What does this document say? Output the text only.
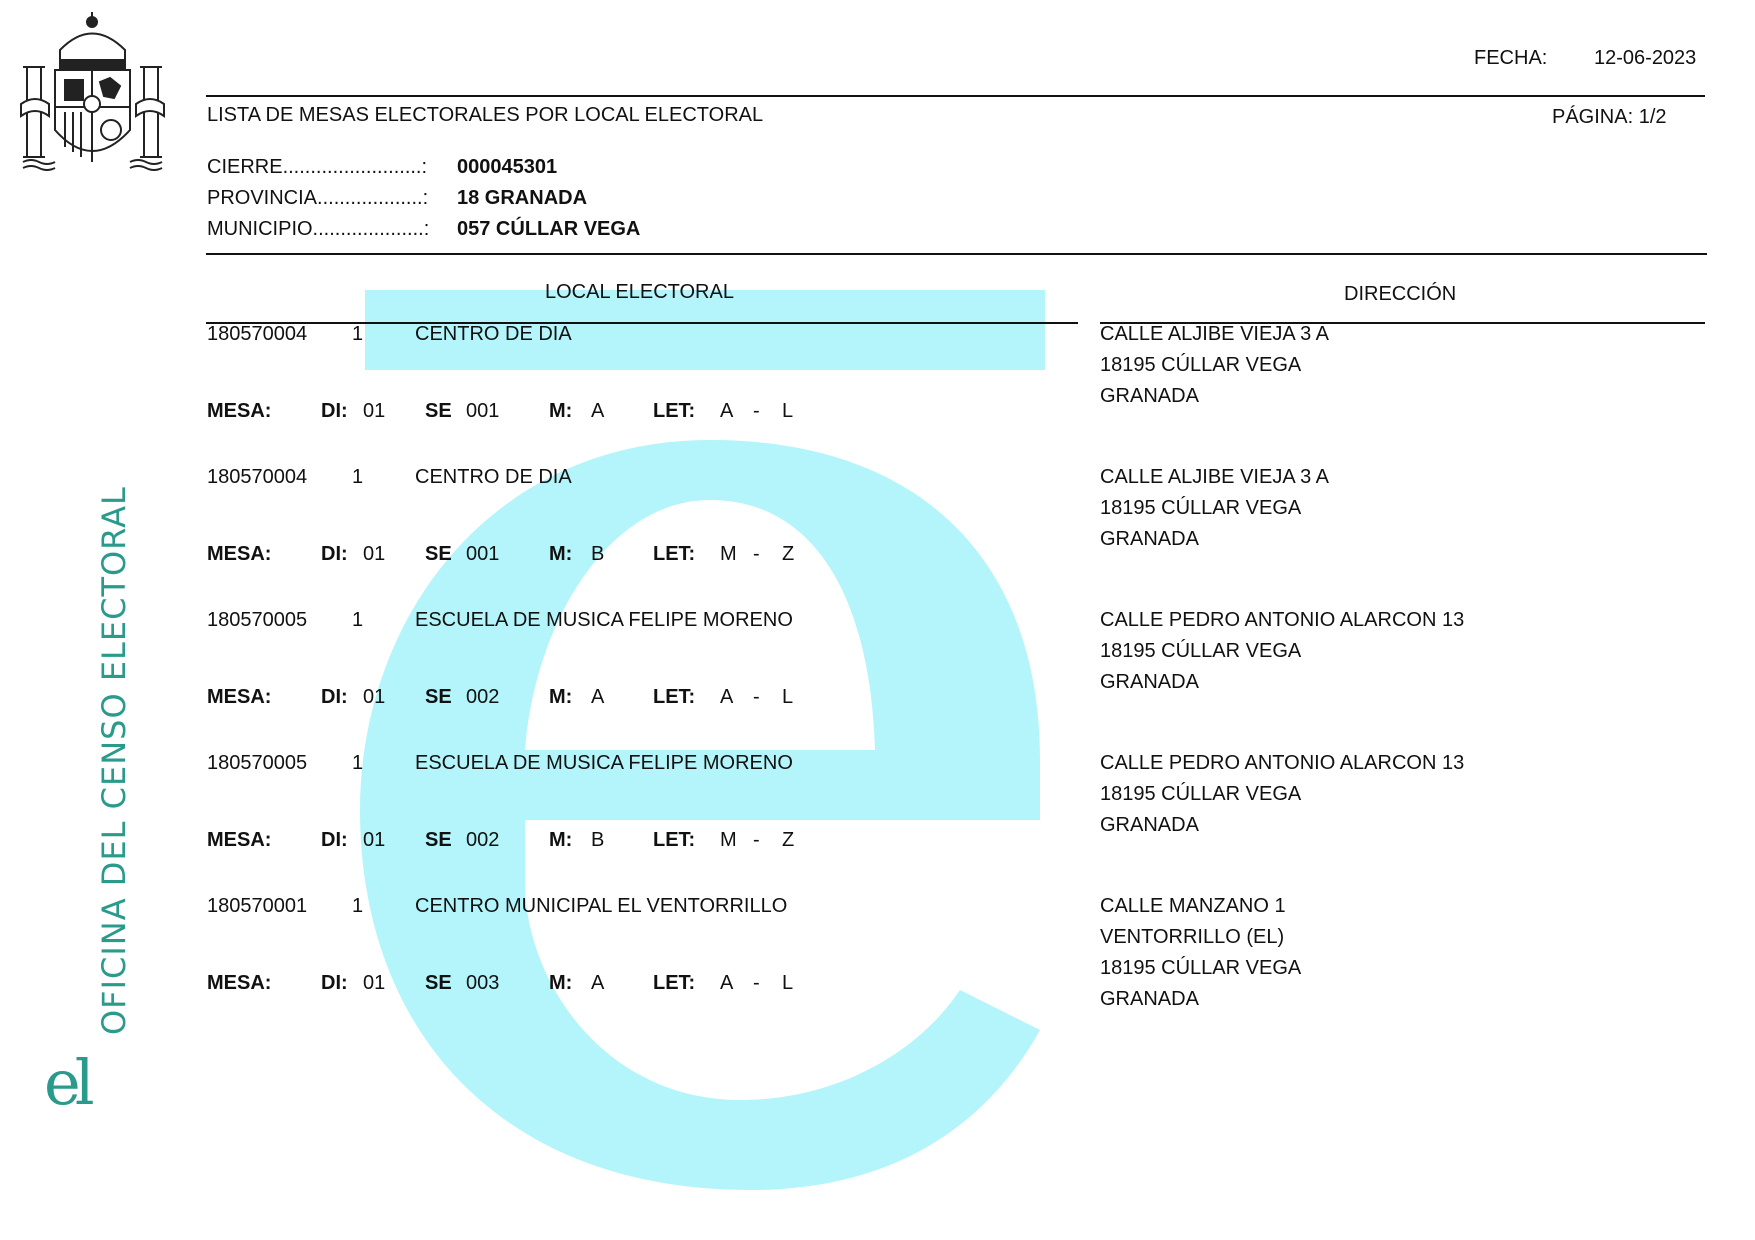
OFICINA DEL CENSO ELECTORAL
el
FECHA: 12-06-2023
LISTA DE MESAS ELECTORALES POR LOCAL ELECTORAL	PÁGINA: 1/2
CIERRE.........................: 000045301
PROVINCIA...................: 18 GRANADA
MUNICIPIO....................: 057 CÚLLAR VEGA
LOCAL ELECTORAL	DIRECCIÓN
180570004 1	CENTRO DE DIA
MESA: DI: 01 SE 001 M: A LET: A - L
CALLE ALJIBE VIEJA 3 A
18195 CÚLLAR VEGA
GRANADA
180570004 1	CENTRO DE DIA
MESA: DI: 01 SE 001 M: B LET: M - Z
CALLE ALJIBE VIEJA 3 A
18195 CÚLLAR VEGA
GRANADA
180570005 1	ESCUELA DE MUSICA FELIPE MORENO
MESA: DI: 01 SE 002 M: A LET: A - L
CALLE PEDRO ANTONIO ALARCON 13
18195 CÚLLAR VEGA
GRANADA
180570005 1	ESCUELA DE MUSICA FELIPE MORENO
MESA: DI: 01 SE 002 M: B LET: M - Z
CALLE PEDRO ANTONIO ALARCON 13
18195 CÚLLAR VEGA
GRANADA
180570001 1	CENTRO MUNICIPAL EL VENTORRILLO
MESA: DI: 01 SE 003 M: A LET: A - L
CALLE MANZANO 1
VENTORRILLO (EL)
18195 CÚLLAR VEGA
GRANADA
